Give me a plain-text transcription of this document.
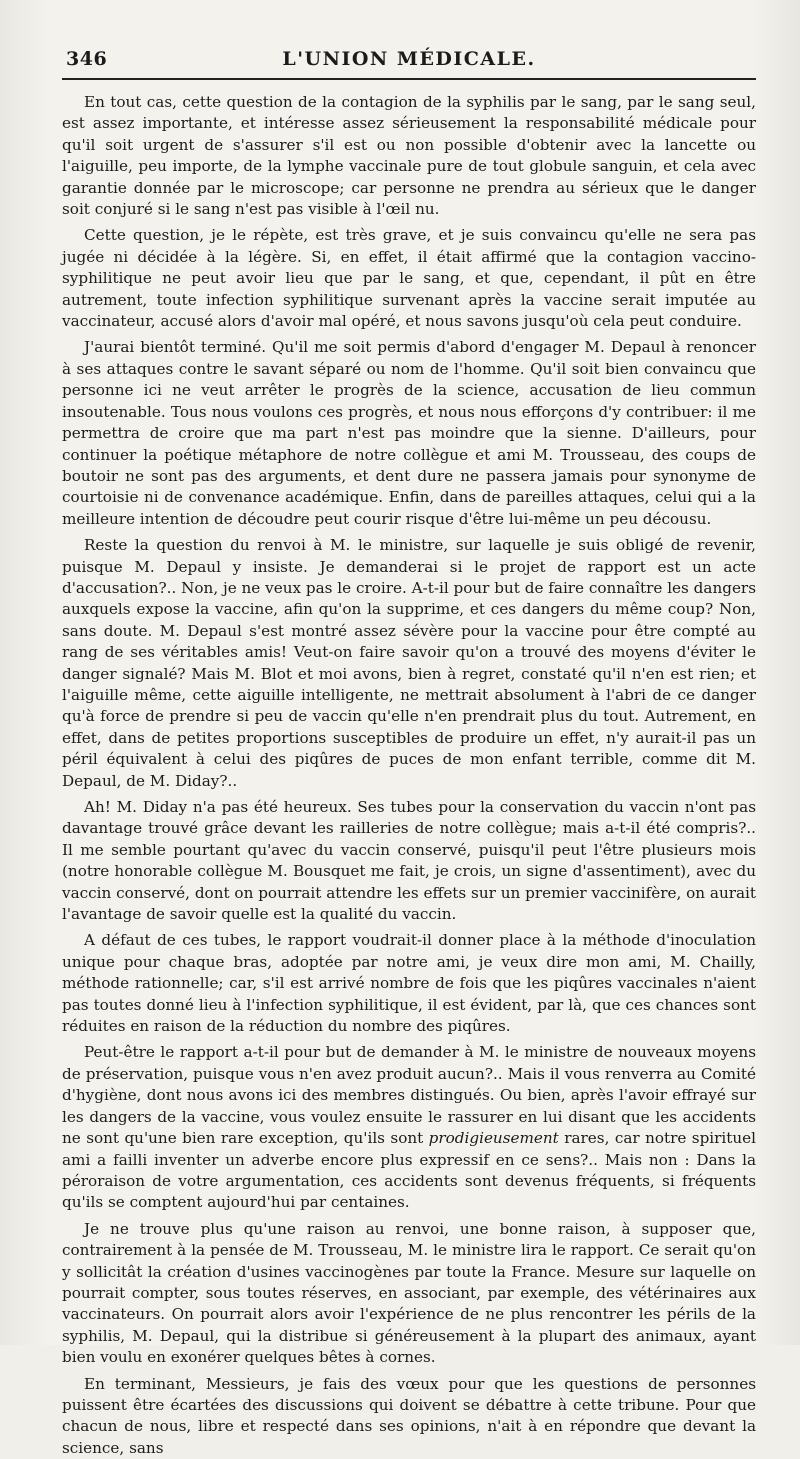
346	L'UNION MÉDICALE.

En tout cas, cette question de la contagion de la syphilis par le sang, par le sang seul, est assez importante, et intéresse assez sérieusement la responsabilité médicale pour qu'il soit urgent de s'assurer s'il est ou non possible d'obtenir avec la lancette ou l'aiguille, peu importe, de la lymphe vaccinale pure de tout globule sanguin, et cela avec garantie donnée par le microscope; car personne ne prendra au sérieux que le danger soit conjuré si le sang n'est pas visible à l'œil nu.

Cette question, je le répète, est très grave, et je suis convaincu qu'elle ne sera pas jugée ni décidée à la légère. Si, en effet, il était affirmé que la contagion vaccino-syphilitique ne peut avoir lieu que par le sang, et que, cependant, il pût en être autrement, toute infection syphilitique survenant après la vaccine serait imputée au vaccinateur, accusé alors d'avoir mal opéré, et nous savons jusqu'où cela peut conduire.

J'aurai bientôt terminé. Qu'il me soit permis d'abord d'engager M. Depaul à renoncer à ses attaques contre le savant séparé ou nom de l'homme. Qu'il soit bien convaincu que personne ici ne veut arrêter le progrès de la science, accusation de lieu commun insoutenable. Tous nous voulons ces progrès, et nous nous efforçons d'y contribuer: il me permettra de croire que ma part n'est pas moindre que la sienne. D'ailleurs, pour continuer la poétique métaphore de notre collègue et ami M. Trousseau, des coups de boutoir ne sont pas des arguments, et dent dure ne passera jamais pour synonyme de courtoisie ni de convenance académique. Enfin, dans de pareilles attaques, celui qui a la meilleure intention de découdre peut courir risque d'être lui-même un peu décousu.

Reste la question du renvoi à M. le ministre, sur laquelle je suis obligé de revenir, puisque M. Depaul y insiste. Je demanderai si le projet de rapport est un acte d'accusation?.. Non, je ne veux pas le croire. A-t-il pour but de faire connaître les dangers auxquels expose la vaccine, afin qu'on la supprime, et ces dangers du même coup? Non, sans doute. M. Depaul s'est montré assez sévère pour la vaccine pour être compté au rang de ses véritables amis! Veut-on faire savoir qu'on a trouvé des moyens d'éviter le danger signalé? Mais M. Blot et moi avons, bien à regret, constaté qu'il n'en est rien; et l'aiguille même, cette aiguille intelligente, ne mettrait absolument à l'abri de ce danger qu'à force de prendre si peu de vaccin qu'elle n'en prendrait plus du tout. Autrement, en effet, dans de petites proportions susceptibles de produire un effet, n'y aurait-il pas un péril équivalent à celui des piqûres de puces de mon enfant terrible, comme dit M. Depaul, de M. Diday?..

Ah! M. Diday n'a pas été heureux. Ses tubes pour la conservation du vaccin n'ont pas davantage trouvé grâce devant les railleries de notre collègue; mais a-t-il été compris?.. Il me semble pourtant qu'avec du vaccin conservé, puisqu'il peut l'être plusieurs mois (notre honorable collègue M. Bousquet me fait, je crois, un signe d'assentiment), avec du vaccin conservé, dont on pourrait attendre les effets sur un premier vaccinifère, on aurait l'avantage de savoir quelle est la qualité du vaccin.

A défaut de ces tubes, le rapport voudrait-il donner place à la méthode d'inoculation unique pour chaque bras, adoptée par notre ami, je veux dire mon ami, M. Chailly, méthode rationnelle; car, s'il est arrivé nombre de fois que les piqûres vaccinales n'aient pas toutes donné lieu à l'infection syphilitique, il est évident, par là, que ces chances sont réduites en raison de la réduction du nombre des piqûres.

Peut-être le rapport a-t-il pour but de demander à M. le ministre de nouveaux moyens de préservation, puisque vous n'en avez produit aucun?.. Mais il vous renverra au Comité d'hygiène, dont nous avons ici des membres distingués. Ou bien, après l'avoir effrayé sur les dangers de la vaccine, vous voulez ensuite le rassurer en lui disant que les accidents ne sont qu'une bien rare exception, qu'ils sont prodigieusement rares, car notre spirituel ami a failli inventer un adverbe encore plus expressif en ce sens?.. Mais non : Dans la péroraison de votre argumentation, ces accidents sont devenus fréquents, si fréquents qu'ils se comptent aujourd'hui par centaines.

Je ne trouve plus qu'une raison au renvoi, une bonne raison, à supposer que, contrairement à la pensée de M. Trousseau, M. le ministre lira le rapport. Ce serait qu'on y sollicitât la création d'usines vaccinogènes par toute la France. Mesure sur laquelle on pourrait compter, sous toutes réserves, en associant, par exemple, des vétérinaires aux vaccinateurs. On pourrait alors avoir l'expérience de ne plus rencontrer les périls de la syphilis, M. Depaul, qui la distribue si généreusement à la plupart des animaux, ayant bien voulu en exonérer quelques bêtes à cornes.

En terminant, Messieurs, je fais des vœux pour que les questions de personnes puissent être écartées des discussions qui doivent se débattre à cette tribune. Pour que chacun de nous, libre et respecté dans ses opinions, n'ait à en répondre que devant la science, sans
